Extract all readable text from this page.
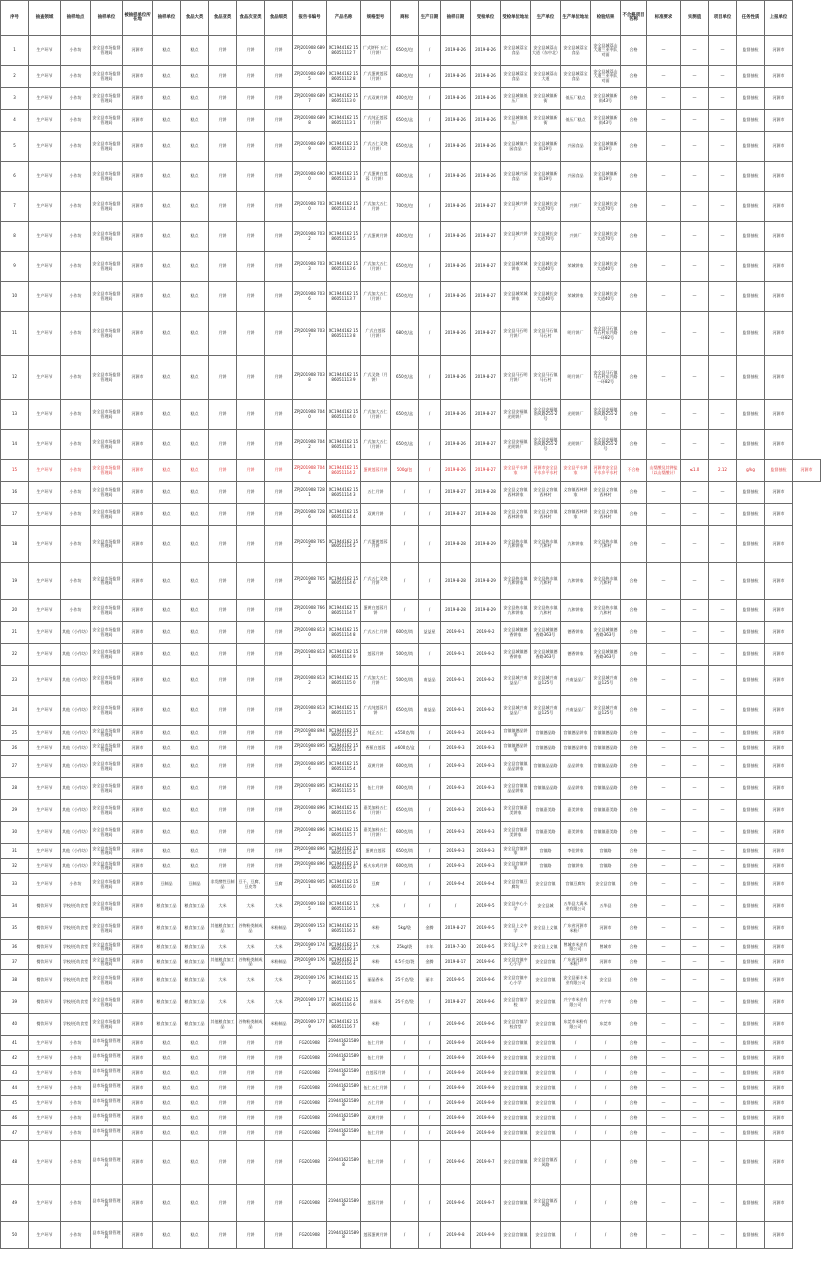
序号	抽查领域	抽样地点	抽样单位	被抽样单位所在地	抽样单位	食品大类	食品亚类	食品次亚类	食品细类	报告书编号	产品名称	规格型号	商标	生产日期	抽样日期	受检单位	受检单位地址	生产单位	生产单位地址	检验结果	不合格项目名称	标准要求	实测值	项目单位	任务性质	上报单位	
1	生产环节	小作坊	安全县市场监督管理局	河源市	糕点	糕点	月饼	月饼	月饼	ZPJ201908 6890	XC1944162 1586051112 7	广式饼杯 五仁（月饼）	650克/包	/	2019-8-26	2019-8-26	安全县城荔宝食品	安全县城荔山大道（东中北）	安全县城荔宝食品	安全县城荔山大道三亚中队对面	合格	—	—	—	监督抽检	河源市	
2	生产环节	小作坊	安全县市场监督管理局	河源市	糕点	糕点	月饼	月饼	月饼	ZPJ201908 6895	XC1944162 1586051112 8	广式蛋黄莲蓉（月饼）	680克/包	/	2019-8-26	2019-8-26	安全县城荔宝食品	安全县城荔山大道	安全县城荔宝食品	安全县城荔山大道三亚中队对面	合格	—	—	—	监督抽检	河源市	
3	生产环节	小作坊	安全县市场监督管理局	河源市	糕点	糕点	月饼	月饼	月饼	ZPJ201908 6897	XC1944162 1586051113 0	广式双黄月饼	400克/包	/	2019-8-26	2019-8-26	安全县城镇低压厂	安全县城镇新街	低压厂糕点	安全县城镇新街43号	合格	—	—	—	监督抽检	河源市	
4	生产环节	小作坊	安全县市场监督管理局	河源市	糕点	糕点	月饼	月饼	月饼	ZPJ201908 6898	XC1944162 1586051113 1	广式纯正莲蓉（月饼）	650克/盒	/	2019-8-26	2019-8-26	安全县城镇低压厂	安全县城镇新街	低压厂糕点	安全县城镇新街43号	合格	—	—	—	监督抽检	河源市	
5	生产环节	小作坊	安全县市场监督管理局	河源市	糕点	糕点	月饼	月饼	月饼	ZPJ201908 6899	XC1944162 1586051113 2	广式五仁叉烧（月饼）	650克/盒	/	2019-8-26	2019-8-26	安全县城镇兴园食品	安全县城镇新街19号	兴园食品	安全县城镇新街19号	合格	—	—	—	监督抽检	河源市	
6	生产环节	小作坊	安全县市场监督管理局	河源市	糕点	糕点	月饼	月饼	月饼	ZPJ201908 6900	XC1944162 1586051113 3	广式蛋黄白莲蓉（月饼）	600克/盒	/	2019-8-26	2019-8-26	安全县城兴园食品	安全县城镇新街19号	兴园食品	安全县城镇新街19号	合格	—	—	—	监督抽检	河源市	
7	生产环节	小作坊	安全县市场监督管理局	河源市	糕点	糕点	月饼	月饼	月饼	ZPJ201908 7030	XC1944162 1586051113 4	广式加大五仁月饼	700克/包	/	2019-8-26	2019-8-27	安全县城兴饼厂	安全县城长安大道70号	兴饼厂	安全县城长安大道70号	合格	—	—	—	监督抽检	河源市	
8	生产环节	小作坊	安全县市场监督管理局	河源市	糕点	糕点	月饼	月饼	月饼	ZPJ201908 7032	XC1944162 1586051113 5	广式蛋黄月饼	400克/包	/	2019-8-26	2019-8-27	安全县城兴饼厂	安全县城长安大道70号	兴饼厂	安全县城长安大道70号	合格	—	—	—	监督抽检	河源市	
9	生产环节	小作坊	安全县市场监督管理局	河源市	糕点	糕点	月饼	月饼	月饼	ZPJ201908 7033	XC1944162 1586051113 6	广式加大五仁（月饼）	650克/包	/	2019-8-26	2019-8-27	安全县城荣城饼家	安全县城长安大道40号	荣城饼家	安全县城长安大道40号	合格	—	—	—	监督抽检	河源市	
10	生产环节	小作坊	安全县市场监督管理局	河源市	糕点	糕点	月饼	月饼	月饼	ZPJ201908 7036	XC1944162 1586051113 7	广式加大五仁（月饼）	650克/包	/	2019-8-26	2019-8-27	安全县城荣城饼家	安全县城长安大道40号	荣城饼家	安全县城长安大道40号	合格	—	—	—	监督抽检	河源市	
11	生产环节	小作坊	安全县市场监督管理局	河源市	糕点	糕点	月饼	月饼	月饼	ZPJ201908 7037	XC1944162 1586051113 8	广式白莲蓉（月饼）	680克/盒	/	2019-8-26	2019-8-27	安全县马石明月饼厂	安全县马石镇马石村	明月饼厂	安全县马石镇马石村东兴路一环82号	合格	—	—	—	监督抽检	河源市	
12	生产环节	小作坊	安全县市场监督管理局	河源市	糕点	糕点	月饼	月饼	月饼	ZPJ201908 7038	XC1944162 1586051113 9	广式叉烧（月饼）	650克/盒	/	2019-8-26	2019-8-27	安全县马石明月饼厂	安全县马石镇马石村	明月饼厂	安全县马石镇马石村东兴路一环82号	合格	—	—	—	监督抽检	河源市	
13	生产环节	小作坊	安全县市场监督管理局	河源市	糕点	糕点	月饼	月饼	月饼	ZPJ201908 7040	XC1944162 1586051114 0	广式加大五仁（月饼）	650克/盒	/	2019-8-26	2019-8-27	安全县安福镇光明饼厂	安全县安福镇南风路251-2号	光明饼厂	安全县安福镇南风路251-2号	合格	—	—	—	监督抽检	河源市	
14	生产环节	小作坊	安全县市场监督管理局	河源市	糕点	糕点	月饼	月饼	月饼	ZPJ201908 7042	XC1944162 1586051114 1	广式加大五仁（月饼）	650克/盒	/	2019-8-26	2019-8-27	安全县安福镇光明饼厂	安全县安福镇南风路251-2号	光明饼厂	安全县安福镇南风路251-2号	合格	—	—	—	监督抽检	河源市	
15	生产环节	小作坊	安全县市场监督管理局	河源市	糕点	糕点	月饼	月饼	月饼	ZPJ201908 7044	XC1944162 1586051114 2	蛋黄莲蓉月饼	500g/包	/	2019-8-26	2019-8-27	安全县平水饼家	河源市安全县平水乡平水村	安全县平水饼家	河源市安全县平水乡平水村	不合格	山梨酸及其钾盐（以山梨酸计）	≤1.0	2.12	g/kg	监督抽检	河源市
16	生产环节	小作坊	安全县市场监督管理局	河源市	糕点	糕点	月饼	月饼	月饼	ZPJ201908 7281	XC1944162 1586051114 3	五仁月饼	/	/	2019-8-27	2019-8-28	安全县义容镇西林饼家	安全县义容镇西林村	义容镇西林饼家	安全县义容镇西林村	合格	—	—	—	监督抽检	河源市	
17	生产环节	小作坊	安全县市场监督管理局	河源市	糕点	糕点	月饼	月饼	月饼	ZPJ201908 7286	XC1944162 1586051114 4	双黄月饼	/	/	2019-8-27	2019-8-28	安全县义容镇西林饼家	安全县义容镇西林村	义容镇西林饼家	安全县义容镇西林村	合格	—	—	—	监督抽检	河源市	
18	生产环节	小作坊	安全县市场监督管理局	河源市	糕点	糕点	月饼	月饼	月饼	ZPJ201908 7652	XC1944162 1586051114 5	广式蛋黄莲蓉月饼	/	/	2019-8-28	2019-8-29	安全县热水镇九和饼家	安全县热水镇九和村	九和饼家	安全县热水镇九和村	合格	—	—	—	监督抽检	河源市	
19	生产环节	小作坊	安全县市场监督管理局	河源市	糕点	糕点	月饼	月饼	月饼	ZPJ201908 7658	XC1944162 1586051114 6	广式五仁叉烧月饼	/	/	2019-8-28	2019-8-29	安全县热水镇九和饼家	安全县热水镇九和村	九和饼家	安全县热水镇九和村	合格	—	—	—	监督抽检	河源市	
20	生产环节	小作坊	安全县市场监督管理局	河源市	糕点	糕点	月饼	月饼	月饼	ZPJ201908 7660	XC1944162 1586051114 7	蛋黄白莲蓉月饼	/	/	2019-8-28	2019-8-29	安全县热水镇九和饼家	安全县热水镇九和村	九和饼家	安全县热水镇九和村	合格	—	—	—	监督抽检	河源市	
21	生产环节	其他（小作坊）	安全县市场监督管理局	河源市	糕点	糕点	月饼	月饼	月饼	ZPJ201908 8130	XC1944162 1586051114 8	广式五仁月饼	600克/筒	益益星	2019-9-1	2019-9-2	安全县城镇德香饼家	安全县城镇德香路363号	德香饼家	安全县城镇德香路363号	合格	—	—	—	监督抽检	河源市	
22	生产环节	其他（小作坊）	安全县市场监督管理局	河源市	糕点	糕点	月饼	月饼	月饼	ZPJ201908 8131	XC1944162 1586051114 9	莲蓉月饼	500克/筒	/	2019-9-1	2019-9-2	安全县城镇德香饼家	安全县城镇德香路363号	德香饼家	安全县城镇德香路363号	合格	—	—	—	监督抽检	河源市	
23	生产环节	其他（小作坊）	安全县市场监督管理局	河源市	糕点	糕点	月饼	月饼	月饼	ZPJ201908 8132	XC1944162 1586051115 0	广式加大五仁月饼	500克/筒	南益品	2019-9-1	2019-9-2	安全县城兴南益品厂	安全县城兴南益125号	兴南益品厂	安全县城兴南益125号	合格	—	—	—	监督抽检	河源市	
24	生产环节	其他（小作坊）	安全县市场监督管理局	河源市	糕点	糕点	月饼	月饼	月饼	ZPJ201908 8133	XC1944162 1586051115 1	广式纯莲蓉月饼	650克/筒	南益品	2019-9-1	2019-9-2	安全县城兴南益品厂	安全县城兴南益125号	兴南益品厂	安全县城兴南益125号	合格	—	—	—	监督抽检	河源市	
25	生产环节	其他（小作坊）	安全县市场监督管理局	河源市	糕点	糕点	月饼	月饼	月饼	ZPJ201908 8948	XC1944162 1586051115 2	纯正五仁	±550克/筒	/	2019-9-3	2019-9-3	宫镇镇德品饼家	宫镇德品路	宫镇德品饼家	宫镇镇德品路	合格	—	—	—	监督抽检	河源市	
26	生产环节	其他（小作坊）	安全县市场监督管理局	河源市	糕点	糕点	月饼	月饼	月饼	ZPJ201908 8953	XC1944162 1586051115 3	香蕉白莲蓉	±600克/盒	/	2019-9-3	2019-9-3	宫镇镇德品饼家	宫镇德品路	宫镇德品饼家	宫镇镇德品路	合格	—	—	—	监督抽检	河源市	
27	生产环节	其他（小作坊）	安全县市场监督管理局	河源市	糕点	糕点	月饼	月饼	月饼	ZPJ201908 8956	XC1944162 1586051115 4	双黄月饼	600克/筒	/	2019-9-3	2019-9-3	安全县宫镇镇品品饼家	宫镇镇品品路	品品饼家	宫镇镇品品路	合格	—	—	—	监督抽检	河源市	
28	生产环节	其他（小作坊）	安全县市场监督管理局	河源市	糕点	糕点	月饼	月饼	月饼	ZPJ201908 8957	XC1944162 1586051115 5	伍仁月饼	600克/筒	/	2019-9-3	2019-9-3	安全县宫镇镇品品饼家	宫镇镇品品路	品品饼家	宫镇镇品品路	合格	—	—	—	监督抽检	河源市	
29	生产环节	其他（小作坊）	安全县市场监督管理局	河源市	糕点	糕点	月饼	月饼	月饼	ZPJ201908 8960	XC1944162 1586051115 6	嘉美加料五仁（月饼）	650克/筒	/	2019-9-3	2019-9-3	安全县宫镇嘉美饼家	宫镇嘉美路	嘉美饼家	宫镇镇嘉美路	合格	—	—	—	监督抽检	河源市	
30	生产环节	其他（小作坊）	安全县市场监督管理局	河源市	糕点	糕点	月饼	月饼	月饼	ZPJ201908 8962	XC1944162 1586051115 7	嘉美加料五仁（月饼）	600克/筒	/	2019-9-3	2019-9-3	安全县宫镇嘉美饼家	宫镇嘉美路	嘉美饼家	宫镇镇嘉美路	合格	—	—	—	监督抽检	河源市	
31	生产环节	其他（小作坊）	安全县市场监督管理局	河源市	糕点	糕点	月饼	月饼	月饼	ZPJ201908 8964	XC1944162 1586051115 8	蛋黄白莲蓉	650克/筒	/	2019-9-3	2019-9-3	安全县宫镇饼家	宫镇路	李佳饼家	宫镇路	合格	—	—	—	监督抽检	河源市	
32	生产环节	其他（小作坊）	安全县市场监督管理局	河源市	糕点	糕点	月饼	月饼	月饼	ZPJ201908 8967	XC1944162 1586051115 9	板火东鸡月饼	600克/筒	/	2019-9-3	2019-9-3	安全县宫镇饼家	宫镇路	宫镇饼家	宫镇路	合格	—	—	—	监督抽检	河源市	
33	生产环节	小作坊	安全县市场监督管理局	河源市	豆制品	豆制品	非发酵性豆制品	豆干、豆腐、豆皮等	豆腐	ZPJ201908 9051	XC1944162 1586051116 0	豆腐	/	/	2019-9-4	2019-9-4	安全县宫镇豆腐坊	安全县宫镇	宫镇豆腐坊	安全县宫镇	合格	—	—	—	监督抽检	河源市	
34	餐饮环节	学校/托幼食堂	安全县市场监督管理局	河源市	粮食加工品	粮食加工品	大米	大米	大米	ZPJ201909 1685	XC1944162 1586051116 1	大米	/	/	/	2019-9-5	安全县中心小学	安全县城	五华县大禹米业有限公司	五华县	合格	—	—	—	监督抽检	河源市	
35	餐饮环节	学校/托幼食堂	安全县市场监督管理局	河源市	粮食加工品	粮食加工品	其他粮食加工品	谷物粉类制成品	米粉制品	ZPJ201909 1539	XC1944162 1586051116 2	米粉	5kg/袋	金腾	2019-8-27	2019-9-5	安全县上义中学	安全县上义镇	广东省河源市米粉厂	河源市	合格	—	—	—	监督抽检	河源市	
36	餐饮环节	学校/托幼食堂	安全县市场监督管理局	河源市	粮食加工品	粮食加工品	大米	大米	大米	ZPJ201909 1745	XC1944162 1586051116 3	大米	25kg/袋	丰年	2019-7-30	2019-9-5	安全县上义中学	安全县上义镇	曾城市米业有限公司	曾城市	合格	—	—	—	监督抽检	河源市	
37	餐饮环节	学校/托幼食堂	安全县市场监督管理局	河源市	粮食加工品	粮食加工品	其他粮食加工品	谷物粉类制成品	米粉制品	ZPJ201909 1765	XC1944162 1586051116 4	米粉	4.5千克/袋	金腾	2019-8-17	2019-9-6	安全县宫镇中心小学	安全县宫镇	广东省河源市米粉厂	河源市	合格	—	—	—	监督抽检	河源市	
38	餐饮环节	学校/托幼食堂	安全县市场监督管理局	河源市	粮食加工品	粮食加工品	大米	大米	大米	ZPJ201909 1767	XC1944162 1586051116 5	丽晶香米	25千克/袋	丽丰	2019-9-5	2019-9-6	安全县宫镇中心小学	安全县宫镇	安全县丽丰米业有限公司	安全县	合格	—	—	—	监督抽检	河源市	
39	餐饮环节	学校/托幼食堂	安全县市场监督管理局	河源市	粮食加工品	粮食加工品	大米	大米	大米	ZPJ201909 1771	XC1944162 1586051116 6	丝苗米	25千克/袋	/	2019-8-27	2019-9-6	安全县宫镇学校	安全县宫镇	兴宁市米业有限公司	兴宁市	合格	—	—	—	监督抽检	河源市	
40	餐饮环节	学校/托幼食堂	安全县市场监督管理局	河源市	粮食加工品	粮食加工品	其他粮食加工品	谷物粉类制成品	米粉制品	ZPJ201909 1779	XC1944162 1586051116 7	米粉	/	/	2019-9-6	2019-9-6	安全县宫镇学校食堂	安全县宫镇	东莞市米粉有限公司	东莞市	合格	—	—	—	监督抽检	河源市	
41	生产环节	小作坊	县市场监督管理局	河源市	糕点	糕点	月饼	月饼	月饼	FG201908	2194416215898	伍仁月饼	/	/	2019-9-9	2019-9-9	安全县宫镇镇	安全县宫镇	/	/	合格	—	—	—	监督抽检	河源市	
42	生产环节	小作坊	县市场监督管理局	河源市	糕点	糕点	月饼	月饼	月饼	FG201908	2194416215898	伍仁月饼	/	/	2019-9-9	2019-9-9	安全县宫镇镇	安全县宫镇	/	/	合格	—	—	—	监督抽检	河源市	
43	生产环节	小作坊	县市场监督管理局	河源市	糕点	糕点	月饼	月饼	月饼	FG201908	2194416215898	白莲蓉月饼	/	/	2019-9-9	2019-9-9	安全县宫镇镇	安全县宫镇	/	/	合格	—	—	—	监督抽检	河源市	
44	生产环节	小作坊	县市场监督管理局	河源市	糕点	糕点	月饼	月饼	月饼	FG201908	2194416215898	伍仁五仁月饼	/	/	2019-9-9	2019-9-9	安全县宫镇镇	安全县宫镇	/	/	合格	—	—	—	监督抽检	河源市	
45	生产环节	小作坊	县市场监督管理局	河源市	糕点	糕点	月饼	月饼	月饼	FG201908	2194416215898	五仁月饼	/	/	2019-9-9	2019-9-9	安全县宫镇镇	安全县宫镇	/	/	合格	—	—	—	监督抽检	河源市	
46	生产环节	小作坊	县市场监督管理局	河源市	糕点	糕点	月饼	月饼	月饼	FG201908	2194416215898	双黄月饼	/	/	2019-9-9	2019-9-9	安全县宫镇镇	安全县宫镇	/	/	合格	—	—	—	监督抽检	河源市	
47	生产环节	小作坊	县市场监督管理局	河源市	糕点	糕点	月饼	月饼	月饼	FG201908	2194416215898	伍仁月饼	/	/	2019-9-9	2019-9-9	安全县宫镇镇	安全县宫镇	/	/	合格	—	—	—	监督抽检	河源市	
48	生产环节	小作坊	县市场监督管理局	河源市	糕点	糕点	月饼	月饼	月饼	FG201908	2194416215898	伍仁月饼	/	/	2019-9-6	2019-9-7	安全县宫镇镇	安全县宫镇西风路	/	/	合格	—	—	—	监督抽检	河源市	
49	生产环节	小作坊	县市场监督管理局	河源市	糕点	糕点	月饼	月饼	月饼	FG201908	2194416215898	莲蓉月饼	/	/	2019-9-6	2019-9-7	安全县宫镇镇	安全县宫镇西风路	/	/	合格	—	—	—	监督抽检	河源市	
50	生产环节	小作坊	县市场监督管理局	河源市	糕点	糕点	月饼	月饼	月饼	FG201908	2194416215898	莲蓉蛋黄月饼	/	/	2019-9-8	2019-9-9	安全县宫镇镇	安全县宫镇	/	/	合格	—	—	—	监督抽检	河源市	
